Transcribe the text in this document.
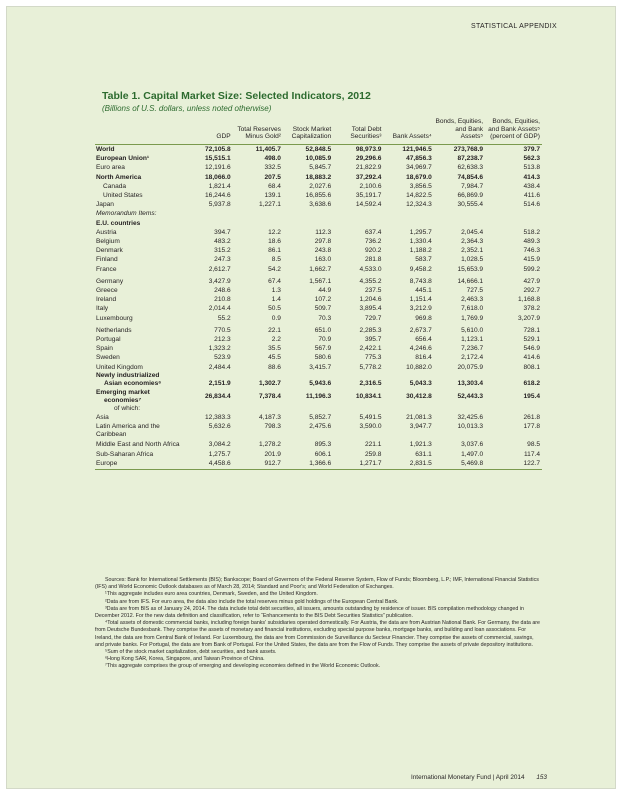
STATISTICAL APPENDIX
Table 1. Capital Market Size: Selected Indicators, 2012
(Billions of U.S. dollars, unless noted otherwise)
	GDP	Total Reserves Minus Gold²	Stock Market Capitalization	Total Debt Securities³	Bank Assets⁴	Bonds, Equities, and Bank Assets⁵	Bonds, Equities, and Bank Assets⁵ (percent of GDP)
World	72,105.8	11,405.7	52,848.5	98,973.9	121,946.5	273,768.9	379.7
European Union¹	15,515.1	498.0	10,085.9	29,296.6	47,856.3	87,238.7	562.3
Euro area	12,191.6	332.5	5,845.7	21,822.9	34,969.7	62,638.3	513.8
North America	18,066.0	207.5	18,883.2	37,292.4	18,679.0	74,854.6	414.3
Canada	1,821.4	68.4	2,027.6	2,100.6	3,856.5	7,984.7	438.4
United States	16,244.6	139.1	16,855.6	35,191.7	14,822.5	66,869.9	411.6
Japan	5,937.8	1,227.1	3,638.6	14,592.4	12,324.3	30,555.4	514.6
Memorandum Items:							
E.U. countries							
Austria	394.7	12.2	112.3	637.4	1,295.7	2,045.4	518.2
Belgium	483.2	18.6	297.8	736.2	1,330.4	2,364.3	489.3
Denmark	315.2	86.1	243.8	920.2	1,188.2	2,352.1	746.3
Finland	247.3	8.5	163.0	281.8	583.7	1,028.5	415.9
France	2,612.7	54.2	1,662.7	4,533.0	9,458.2	15,653.9	599.2
Germany	3,427.9	67.4	1,567.1	4,355.2	8,743.8	14,666.1	427.9
Greece	248.6	1.3	44.9	237.5	445.1	727.5	292.7
Ireland	210.8	1.4	107.2	1,204.6	1,151.4	2,463.3	1,168.8
Italy	2,014.4	50.5	509.7	3,895.4	3,212.9	7,618.0	378.2
Luxembourg	55.2	0.9	70.3	729.7	969.8	1,769.9	3,207.9
Netherlands	770.5	22.1	651.0	2,285.3	2,673.7	5,610.0	728.1
Portugal	212.3	2.2	70.9	395.7	656.4	1,123.1	529.1
Spain	1,323.2	35.5	567.9	2,422.1	4,246.6	7,236.7	546.9
Sweden	523.9	45.5	580.6	775.3	816.4	2,172.4	414.6
United Kingdom	2,484.4	88.6	3,415.7	5,778.2	10,882.0	20,075.9	808.1

Newly industrialized
Asian economies⁶	2,151.9	1,302.7	5,943.6	2,316.5	5,043.3	13,303.4	618.2

Emerging market
economies⁷
of which:	26,834.4	7,378.4	11,196.3	10,834.1	30,412.8	52,443.3	195.4
Asia	12,383.3	4,187.3	5,852.7	5,491.5	21,081.3	32,425.6	261.8
Latin America and the Caribbean	5,632.6	798.3	2,475.6	3,590.0	3,947.7	10,013.3	177.8
Middle East and North Africa	3,084.2	1,278.2	895.3	221.1	1,921.3	3,037.6	98.5
Sub-Saharan Africa	1,275.7	201.9	606.1	259.8	631.1	1,497.0	117.4
Europe	4,458.6	912.7	1,366.6	1,271.7	2,831.5	5,469.8	122.7

Sources: Bank for International Settlements (BIS); Bankscope; Board of Governors of the Federal Reserve System, Flow of Funds; Bloomberg, L.P.; IMF, International Financial Statistics (IFS) and World Economic Outlook databases as of March 28, 2014; Standard and Poor's; and World Federation of Exchanges.

¹This aggregate includes euro area countries, Denmark, Sweden, and the United Kingdom.

²Data are from IFS. For euro area, the data also include the total reserves minus gold holdings of the European Central Bank.

³Data are from BIS as of January 24, 2014. The data include total debt securities, all issuers, amounts outstanding by residence of issuer. BIS compilation methodology changed in December 2012. For the new data definition and classification, refer to “Enhancements to the BIS Debt Securities Statistics” publication.

⁴Total assets of domestic commercial banks, including foreign banks' subsidiaries operated domestically. For Austria, the data are from Austrian National Bank. For Germany, the data are from Deutsche Bundesbank. They comprise the assets of monetary and financial institutions, excluding special purpose banks, mortgage banks, and building and loan associations. For Ireland, the data are from Central Bank of Ireland. For Luxembourg, the data are from Commission de Surveillance du Secteur Financier. They comprise the assets of commercial, savings, and private banks. For Portugal, the data are from Bank of Portugal. For the United States, the data are from the Flow of Funds. They comprise the assets of private depository institutions.

⁵Sum of the stock market capitalization, debt securities, and bank assets.

⁶Hong Kong SAR, Korea, Singapore, and Taiwan Province of China.

⁷This aggregate comprises the group of emerging and developing economies defined in the World Economic Outlook.

International Monetary Fund | April 2014 153
